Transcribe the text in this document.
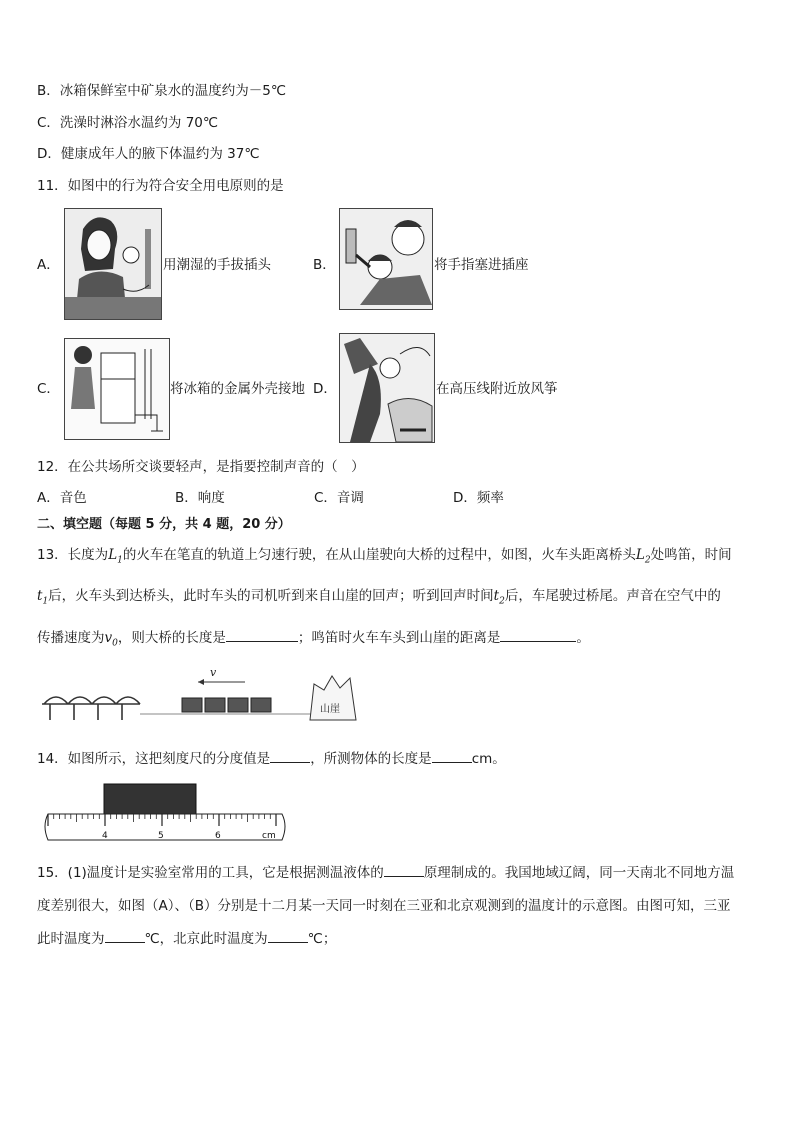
B．冰箱保鲜室中矿泉水的温度约为－5℃
C．洗澡时淋浴水温约为 70℃
D．健康成年人的腋下体温约为 37℃
11．如图中的行为符合安全用电原则的是
A．	用潮湿的手拔插头	B．	将手指塞进插座
C．	将冰箱的金属外壳接地 D．	在高压线附近放风筝
12．在公共场所交谈要轻声，是指要控制声音的（　）
A．音色	B．响度	C．音调	D．频率
二、填空题（每题 5 分，共 4 题，20 分）
13．长度为$L_1$的火车在笔直的轨道上匀速行驶，在从山崖驶向大桥的过程中，如图，火车头距离桥头$L_2$处鸣笛，时间
$t_1$后，火车头到达桥头，此时车头的司机听到来自山崖的回声；听到回声时间$t_2$后，车尾驶过桥尾。声音在空气中的
传播速度为$v_0$，则大桥的长度是	；鸣笛时火车车头到山崖的距离是	。
v
山崖
14．如图所示，这把刻度尺的分度值是	，所测物体的长度是	cm。
4	5	6	cm
15．(1)温度计是实验室常用的工具，它是根据测温液体的	原理制成的。我国地域辽阔，同一天南北不同地方温
度差别很大，如图（A）、（B）分别是十二月某一天同一时刻在三亚和北京观测到的温度计的示意图。由图可知，三亚
此时温度为	℃，北京此时温度为	℃；
